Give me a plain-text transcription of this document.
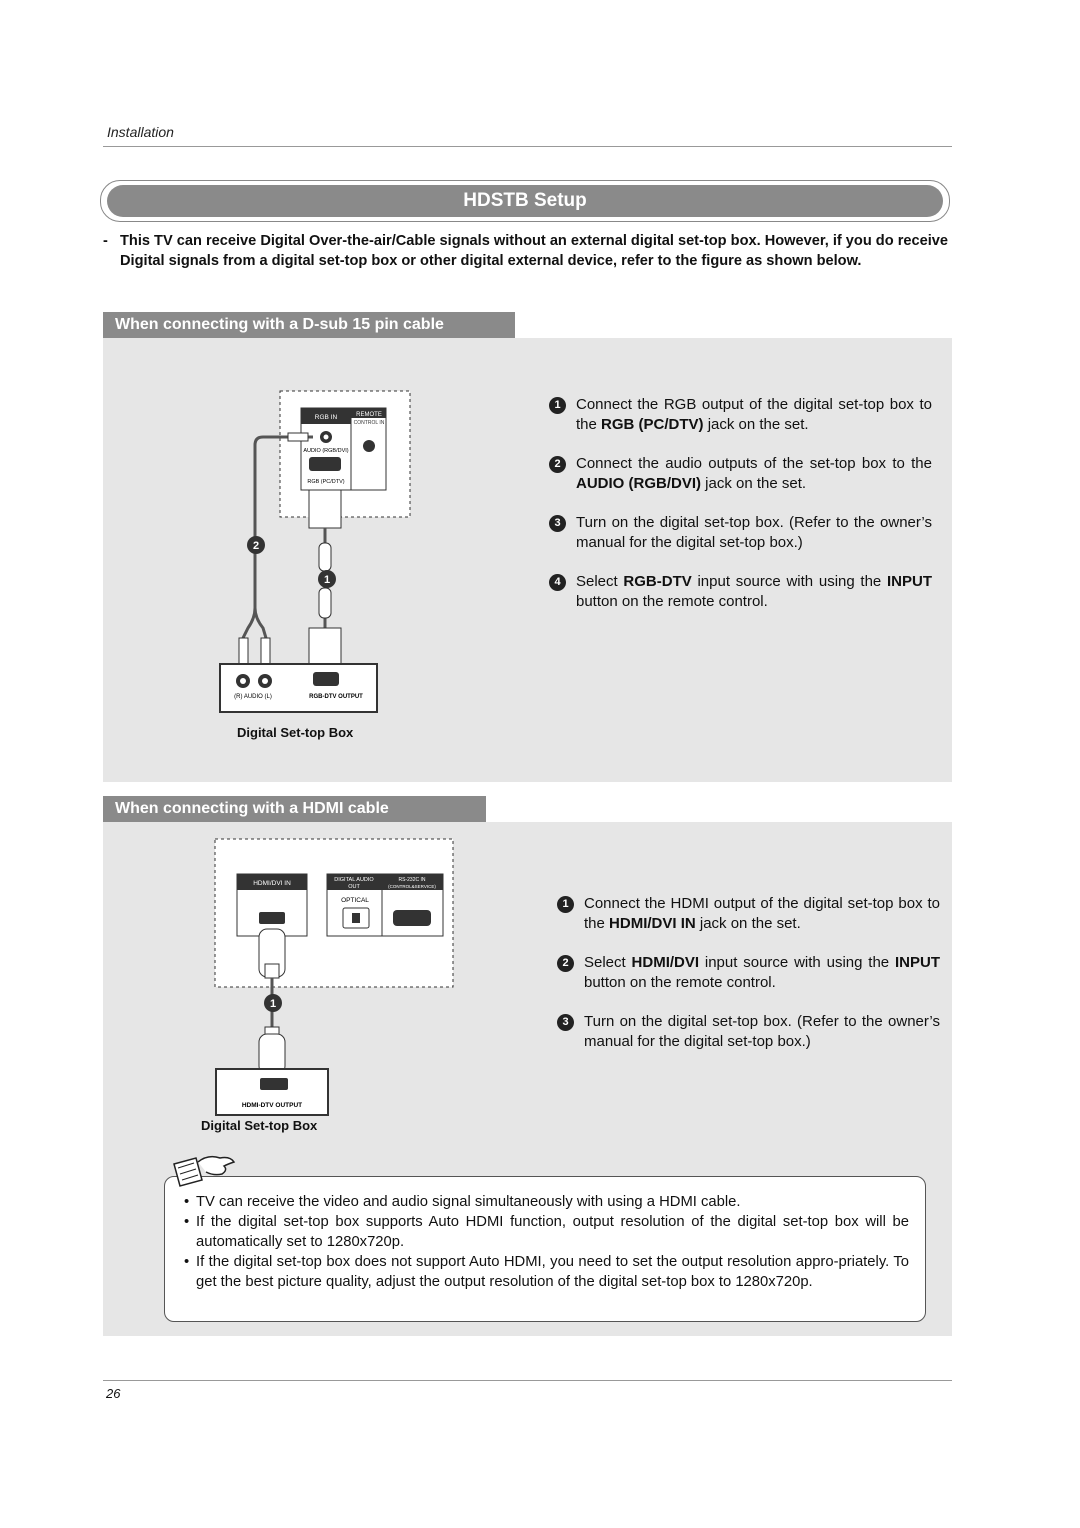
Installation
HDSTB Setup
- This TV can receive Digital Over-the-air/Cable signals without an external digital set-top box. However, if you do receive Digital signals from a digital set-top box or other digital external device, refer to the figure as shown below.
When connecting with a D-sub 15 pin cable
RGB IN	REMOTE
CONTROL IN
AUDIO (RGB/DVI)
RGB (PC/DTV)
2
1
(R) AUDIO (L)	RGB-DTV OUTPUT
Digital Set-top Box
1	Connect the RGB output of the digital set-top box to the RGB (PC/DTV) jack on the set.
2	Connect the audio outputs of the set-top box to the AUDIO (RGB/DVI) jack on the set.
3	Turn on the digital set-top box. (Refer to the owner’s manual for the digital set-top box.)
4	Select RGB-DTV input source with using the INPUT button on the remote control.
When connecting with a HDMI cable
HDMI/DVI IN	DIGITAL AUDIO
OUT
RS-232C IN
(CONTROL&SERVICE)
OPTICAL
1
HDMI-DTV OUTPUT
Digital Set-top Box
1	Connect the HDMI output of the digital set-top box to the HDMI/DVI IN jack on the set.
2	Select HDMI/DVI input source with using the INPUT button on the remote control.
3	Turn on the digital set-top box. (Refer to the owner’s manual for the digital set-top box.)
• TV can receive the video and audio signal simultaneously with using a HDMI cable.
• If the digital set-top box supports Auto HDMI function, output resolution of the digital set-top box will be automatically set to 1280x720p.
• If the digital set-top box does not support Auto HDMI, you need to set the output resolution appro-priately. To get the best picture quality, adjust the output resolution of the digital set-top box to 1280x720p.
26
